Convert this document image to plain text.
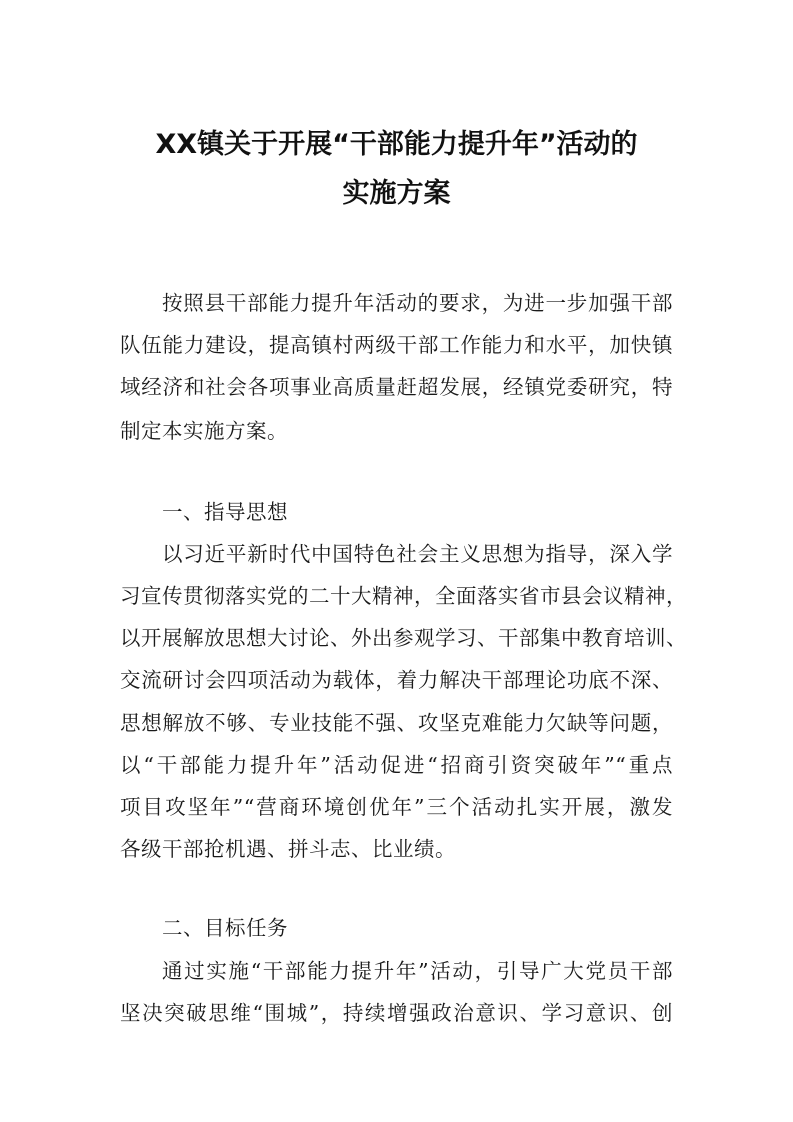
XX镇关于开展“干部能力提升年”活动的
实施方案
按照县干部能力提升年活动的要求，为进一步加强干部
队伍能力建设，提高镇村两级干部工作能力和水平，加快镇
域经济和社会各项事业高质量赶超发展，经镇党委研究，特
制定本实施方案。
一、指导思想
以习近平新时代中国特色社会主义思想为指导，深入学
习宣传贯彻落实党的二十大精神，全面落实省市县会议精神，
以开展解放思想大讨论、外出参观学习、干部集中教育培训、
交流研讨会四项活动为载体，着力解决干部理论功底不深、
思想解放不够、专业技能不强、攻坚克难能力欠缺等问题，
以“干部能力提升年”活动促进“招商引资突破年”“重点
项目攻坚年”“营商环境创优年”三个活动扎实开展，激发
各级干部抢机遇、拼斗志、比业绩。
二、目标任务
通过实施“干部能力提升年”活动，引导广大党员干部
坚决突破思维“围城”，持续增强政治意识、学习意识、创
